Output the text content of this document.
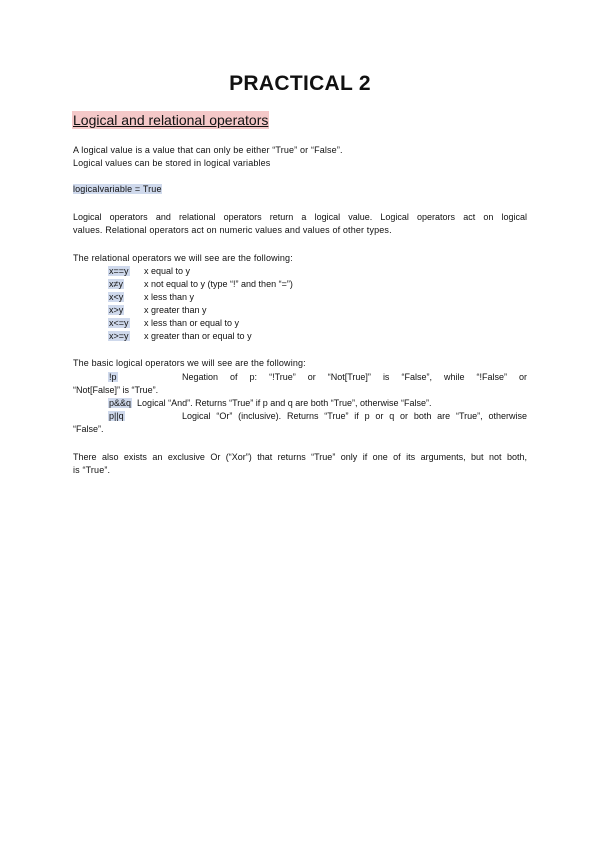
PRACTICAL 2
Logical and relational operators
A logical value is a value that can only be either “True” or “False”.
Logical values can be stored in logical variables
logicalvariable = True
Logical operators and relational operators return a logical value. Logical operators act on logical
values. Relational operators act on numeric values and values of other types.
The relational operators we will see are the following:
x==y x equal to y
x≠y x not equal to y (type “!” and then “=”)
x<y x less than y
x>y x greater than y
x<=y x less than or equal to y
x>=y x greater than or equal to y
The basic logical operators we will see are the following:
!p	Negation of p: “!True” or “Not[True]” is “False”, while “!False” or
“Not[False]” is “True”.
p&&q Logical “And”. Returns “True” if p and q are both “True”, otherwise “False”.
p||q	Logical “Or” (inclusive). Returns “True” if p or q or both are “True”, otherwise
“False”.
There also exists an exclusive Or (“Xor”) that returns “True” only if one of its arguments, but not both,
is “True”.
